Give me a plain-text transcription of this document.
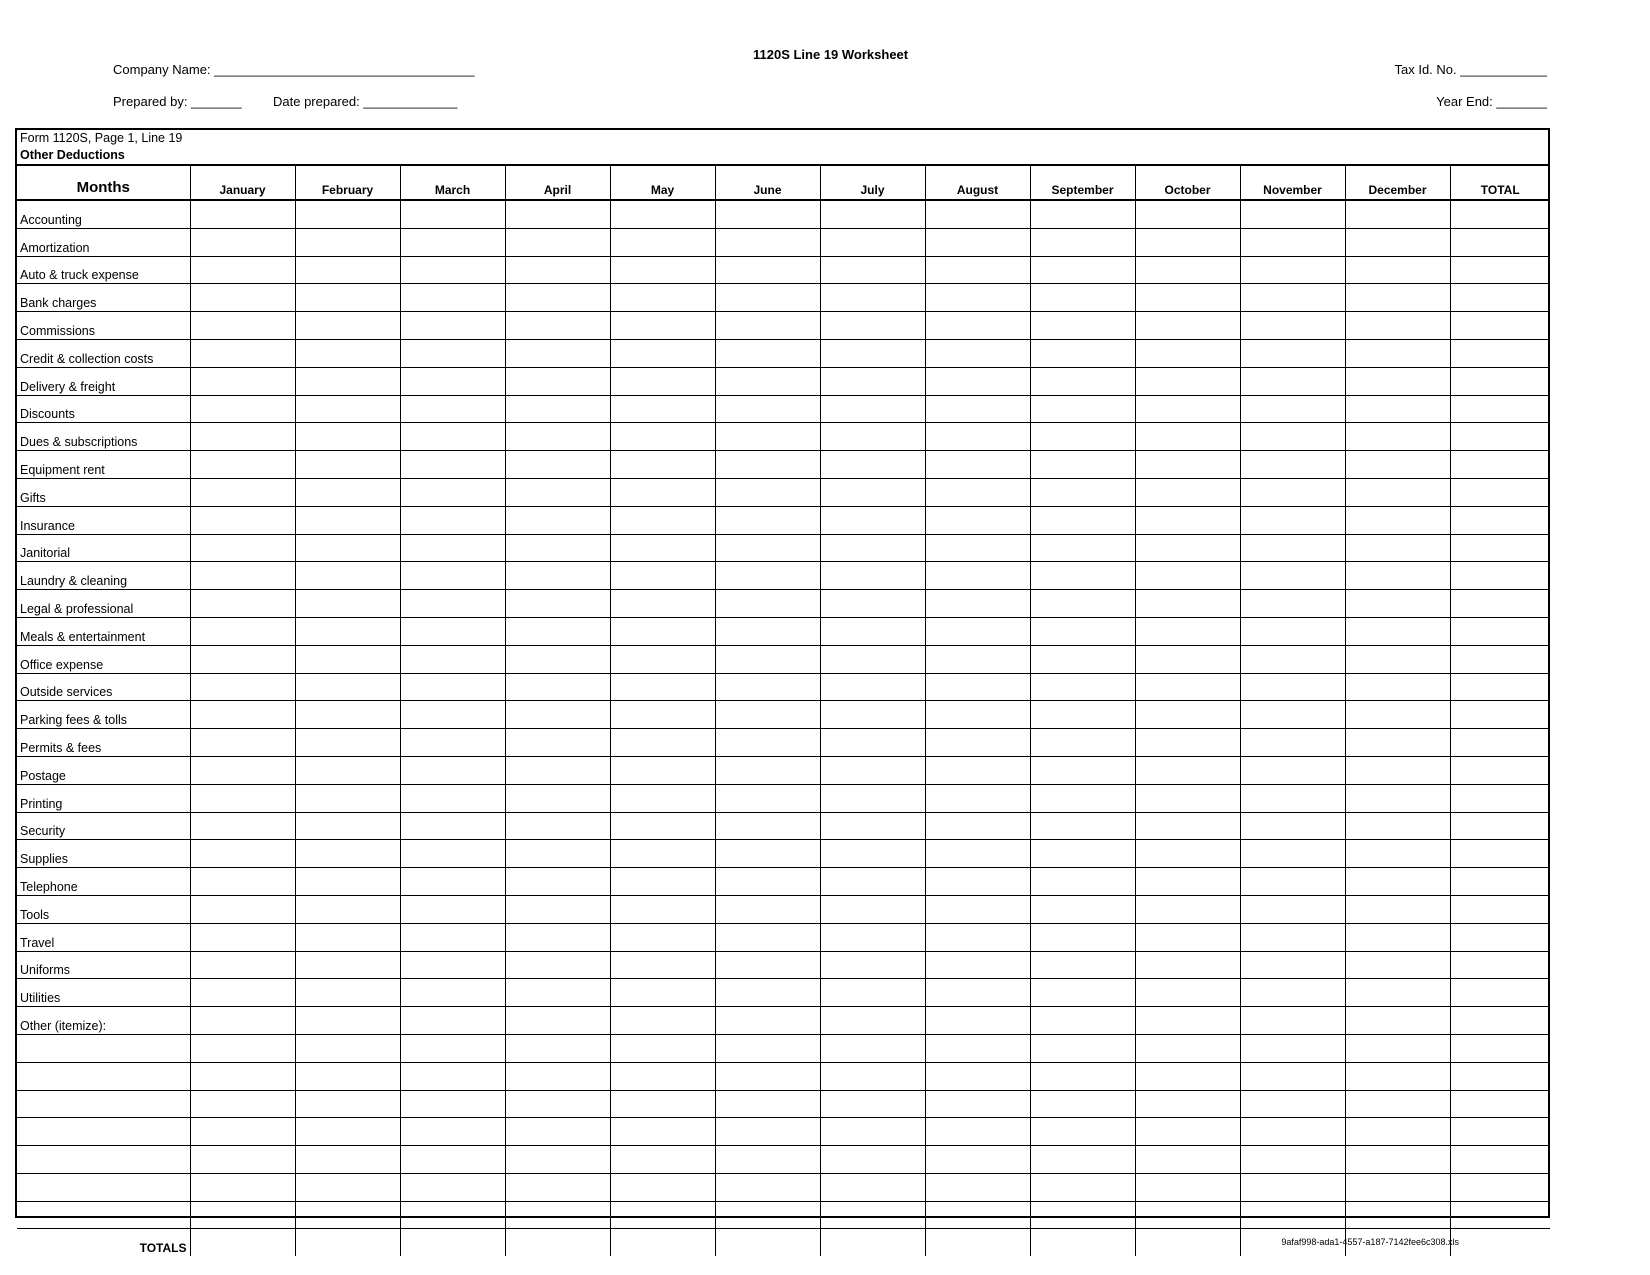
1120S Line 19 Worksheet
Company Name: ____________________________________	Tax Id. No. ____________
Prepared by: _______ Date prepared: _____________	Year End: _______
Form 1120S, Page 1, Line 19
Other Deductions
Months	January	February	March	April	May	June	July	August	September	October	November	December	TOTAL
Accounting													
Amortization													
Auto & truck expense													
Bank charges													
Commissions													
Credit & collection costs													
Delivery & freight													
Discounts													
Dues & subscriptions													
Equipment rent													
Gifts													
Insurance													
Janitorial													
Laundry & cleaning													
Legal & professional													
Meals & entertainment													
Office expense													
Outside services													
Parking fees & tolls													
Permits & fees													
Postage													
Printing													
Security													
Supplies													
Telephone													
Tools													
Travel													
Uniforms													
Utilities													
Other (itemize):													

TOTALS														9afaf998-ada1-4557-a187-7142fee6c308.xls
